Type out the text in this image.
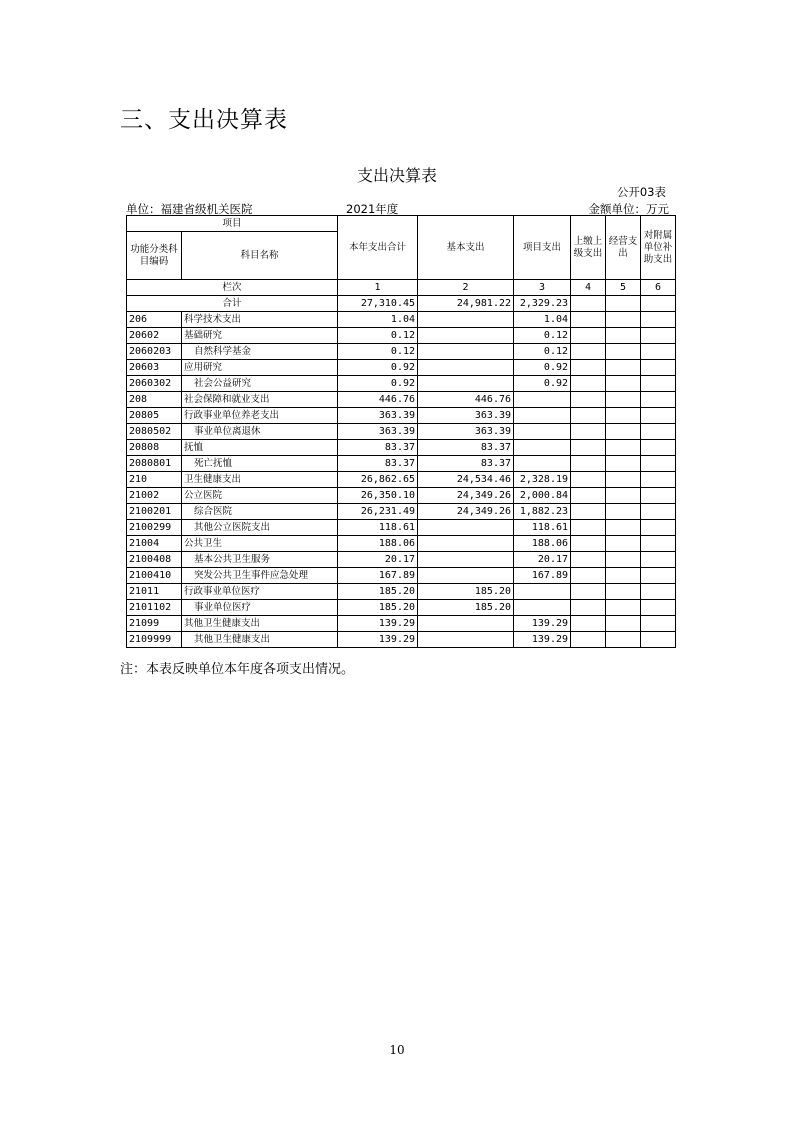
三、支出决算表
支出决算表
公开03表
单位：福建省级机关医院	2021年度	金额单位：万元
项目		本年支出合计	基本支出	项目支出	上缴上级支出	经营支出	对附属单位补助支出
功能分类科目编码	科目名称						
栏次		1	2	3	4	5	6
合计		27,310.45	24,981.22	2,329.23			
206	科学技术支出	1.04		1.04			
20602	基础研究	0.12		0.12			
2060203	自然科学基金	0.12		0.12			
20603	应用研究	0.92		0.92			
2060302	社会公益研究	0.92		0.92			
208	社会保障和就业支出	446.76	446.76				
20805	行政事业单位养老支出	363.39	363.39				
2080502	事业单位离退休	363.39	363.39				
20808	抚恤	83.37	83.37				
2080801	死亡抚恤	83.37	83.37				
210	卫生健康支出	26,862.65	24,534.46	2,328.19			
21002	公立医院	26,350.10	24,349.26	2,000.84			
2100201	综合医院	26,231.49	24,349.26	1,882.23			
2100299	其他公立医院支出	118.61		118.61			
21004	公共卫生	188.06		188.06			
2100408	基本公共卫生服务	20.17		20.17			
2100410	突发公共卫生事件应急处理	167.89		167.89			
21011	行政事业单位医疗	185.20	185.20				
2101102	事业单位医疗	185.20	185.20				
21099	其他卫生健康支出	139.29		139.29			
2109999	其他卫生健康支出	139.29		139.29			
注：本表反映单位本年度各项支出情况。
10
